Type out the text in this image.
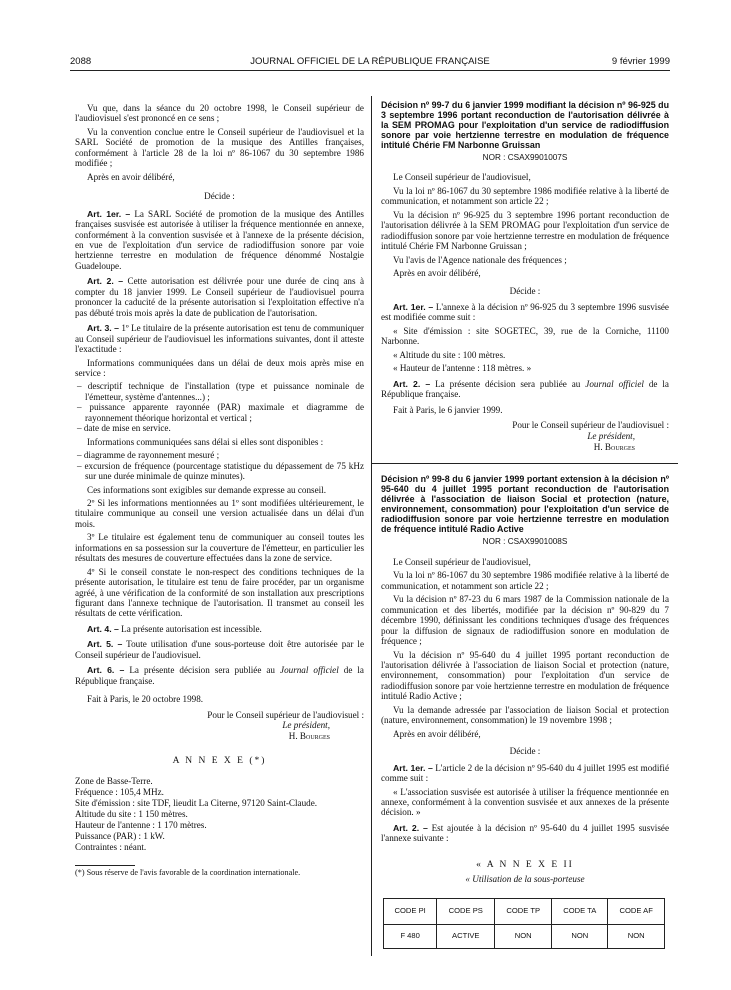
2088	JOURNAL OFFICIEL DE LA RÉPUBLIQUE FRANÇAISE	9 février 1999

Vu que, dans la séance du 20 octobre 1998, le Conseil supérieur de l'audiovisuel s'est prononcé en ce sens ;

Vu la convention conclue entre le Conseil supérieur de l'audiovisuel et la SARL Société de promotion de la musique des Antilles françaises, conformément à l'article 28 de la loi nº 86-1067 du 30 septembre 1986 modifiée ;

Après en avoir délibéré,

Décide :

Art. 1er. – La SARL Société de promotion de la musique des Antilles françaises susvisée est autorisée à utiliser la fréquence mentionnée en annexe, conformément à la convention susvisée et à l'annexe de la présente décision, en vue de l'exploitation d'un service de radiodiffusion sonore par voie hertzienne terrestre en modulation de fréquence dénommé Nostalgie Guadeloupe.

Art. 2. – Cette autorisation est délivrée pour une durée de cinq ans à compter du 18 janvier 1999. Le Conseil supérieur de l'audiovisuel pourra prononcer la caducité de la présente autorisation si l'exploitation effective n'a pas débuté trois mois après la date de publication de l'autorisation.

Art. 3. – 1º Le titulaire de la présente autorisation est tenu de communiquer au Conseil supérieur de l'audiovisuel les informations suivantes, dont il atteste l'exactitude :

Informations communiquées dans un délai de deux mois après mise en service :

– descriptif technique de l'installation (type et puissance nominale de l'émetteur, système d'antennes...) ;
– puissance apparente rayonnée (PAR) maximale et diagramme de rayonnement théorique horizontal et vertical ;
– date de mise en service.

Informations communiquées sans délai si elles sont disponibles :

– diagramme de rayonnement mesuré ;
– excursion de fréquence (pourcentage statistique du dépassement de 75 kHz sur une durée minimale de quinze minutes).

Ces informations sont exigibles sur demande expresse au conseil.

2º Si les informations mentionnées au 1º sont modifiées ultérieurement, le titulaire communique au conseil une version actualisée dans un délai d'un mois.

3º Le titulaire est également tenu de communiquer au conseil toutes les informations en sa possession sur la couverture de l'émetteur, en particulier les résultats des mesures de couverture effectuées dans la zone de service.

4º Si le conseil constate le non-respect des conditions techniques de la présente autorisation, le titulaire est tenu de faire procéder, par un organisme agréé, à une vérification de la conformité de son installation aux prescriptions figurant dans l'annexe technique de l'autorisation. Il transmet au conseil les résultats de cette vérification.

Art. 4. – La présente autorisation est incessible.

Art. 5. – Toute utilisation d'une sous-porteuse doit être autorisée par le Conseil supérieur de l'audiovisuel.

Art. 6. – La présente décision sera publiée au Journal officiel de la République française.

Fait à Paris, le 20 octobre 1998.

Pour le Conseil supérieur de l'audiovisuel :
Le président,
H. Bourges
A N N E X E (*)

Zone de Basse-Terre.

Fréquence : 105,4 MHz.

Site d'émission : site TDF, lieudit La Citerne, 97120 Saint-Claude.

Altitude du site : 1 150 mètres.

Hauteur de l'antenne : 1 170 mètres.

Puissance (PAR) : 1 kW.

Contraintes : néant.

(*) Sous réserve de l'avis favorable de la coordination internationale.

Décision nº 99-7 du 6 janvier 1999 modifiant la décision nº 96-925 du 3 septembre 1996 portant reconduction de l'autorisation délivrée à la SEM PROMAG pour l'exploitation d'un service de radiodiffusion sonore par voie hertzienne terrestre en modulation de fréquence intitulé Chérie FM Narbonne Gruissan

NOR : CSAX9901007S

Le Conseil supérieur de l'audiovisuel,

Vu la loi nº 86-1067 du 30 septembre 1986 modifiée relative à la liberté de communication, et notamment son article 22 ;

Vu la décision nº 96-925 du 3 septembre 1996 portant reconduction de l'autorisation délivrée à la SEM PROMAG pour l'exploitation d'un service de radiodiffusion sonore par voie hertzienne terrestre en modulation de fréquence intitulé Chérie FM Narbonne Gruissan ;

Vu l'avis de l'Agence nationale des fréquences ;

Après en avoir délibéré,

Décide :

Art. 1er. – L'annexe à la décision nº 96-925 du 3 septembre 1996 susvisée est modifiée comme suit :

« Site d'émission : site SOGETEC, 39, rue de la Corniche, 11100 Narbonne.

« Altitude du site : 100 mètres.

« Hauteur de l'antenne : 118 mètres. »

Art. 2. – La présente décision sera publiée au Journal officiel de la République française.

Fait à Paris, le 6 janvier 1999.

Pour le Conseil supérieur de l'audiovisuel :
Le président,
H. Bourges

Décision nº 99-8 du 6 janvier 1999 portant extension à la décision nº 95-640 du 4 juillet 1995 portant reconduction de l'autorisation délivrée à l'association de liaison Social et protection (nature, environnement, consommation) pour l'exploitation d'un service de radiodiffusion sonore par voie hertzienne terrestre en modulation de fréquence intitulé Radio Active

NOR : CSAX9901008S

Le Conseil supérieur de l'audiovisuel,

Vu la loi nº 86-1067 du 30 septembre 1986 modifiée relative à la liberté de communication, et notamment son article 22 ;

Vu la décision nº 87-23 du 6 mars 1987 de la Commission nationale de la communication et des libertés, modifiée par la décision nº 90-829 du 7 décembre 1990, définissant les conditions techniques d'usage des fréquences pour la diffusion de signaux de radiodiffusion sonore en modulation de fréquence ;

Vu la décision nº 95-640 du 4 juillet 1995 portant reconduction de l'autorisation délivrée à l'association de liaison Social et protection (nature, environnement, consommation) pour l'exploitation d'un service de radiodiffusion sonore par voie hertzienne terrestre en modulation de fréquence intitulé Radio Active ;

Vu la demande adressée par l'association de liaison Social et protection (nature, environnement, consommation) le 19 novembre 1998 ;

Après en avoir délibéré,

Décide :

Art. 1er. – L'article 2 de la décision nº 95-640 du 4 juillet 1995 est modifié comme suit :

« L'association susvisée est autorisée à utiliser la fréquence mentionnée en annexe, conformément à la convention susvisée et aux annexes de la présente décision. »

Art. 2. – Est ajoutée à la décision nº 95-640 du 4 juillet 1995 susvisée l'annexe suivante :

« A N N E X E II
« Utilisation de la sous-porteuse
CODE PI	CODE PS	CODE TP	CODE TA	CODE AF
F 480	ACTIVE	NON	NON	NON
